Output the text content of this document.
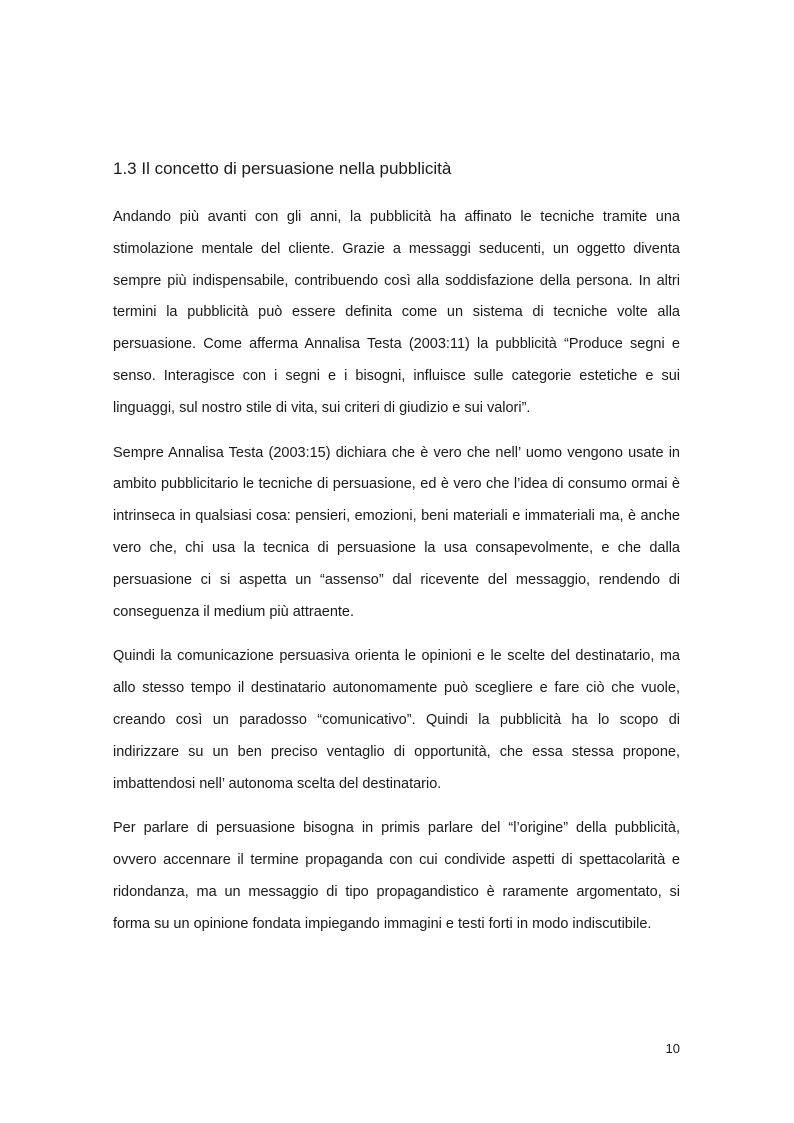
1.3 Il concetto di persuasione nella pubblicità

Andando più avanti con gli anni, la pubblicità ha affinato le tecniche tramite una stimolazione mentale del cliente. Grazie a messaggi seducenti, un oggetto diventa sempre più indispensabile, contribuendo così alla soddisfazione della persona. In altri termini la pubblicità può essere definita come un sistema di tecniche volte alla persuasione. Come afferma Annalisa Testa (2003:11) la pubblicità “Produce segni e senso. Interagisce con i segni e i bisogni, influisce sulle categorie estetiche e sui linguaggi, sul nostro stile di vita, sui criteri di giudizio e sui valori”.

Sempre Annalisa Testa (2003:15) dichiara che è vero che nell’ uomo vengono usate in ambito pubblicitario le tecniche di persuasione, ed è vero che l’idea di consumo ormai è intrinseca in qualsiasi cosa: pensieri, emozioni, beni materiali e immateriali ma, è anche vero che, chi usa la tecnica di persuasione la usa consapevolmente, e che dalla persuasione ci si aspetta un “assenso” dal ricevente del messaggio, rendendo di conseguenza il medium più attraente.

Quindi la comunicazione persuasiva orienta le opinioni e le scelte del destinatario, ma allo stesso tempo il destinatario autonomamente può scegliere e fare ciò che vuole, creando così un paradosso “comunicativo”. Quindi la pubblicità ha lo scopo di indirizzare su un ben preciso ventaglio di opportunità, che essa stessa propone, imbattendosi nell’ autonoma scelta del destinatario.

Per parlare di persuasione bisogna in primis parlare del “l’origine” della pubblicità, ovvero accennare il termine propaganda con cui condivide aspetti di spettacolarità e ridondanza, ma un messaggio di tipo propagandistico è raramente argomentato, si forma su un opinione fondata impiegando immagini e testi forti in modo indiscutibile.

10
